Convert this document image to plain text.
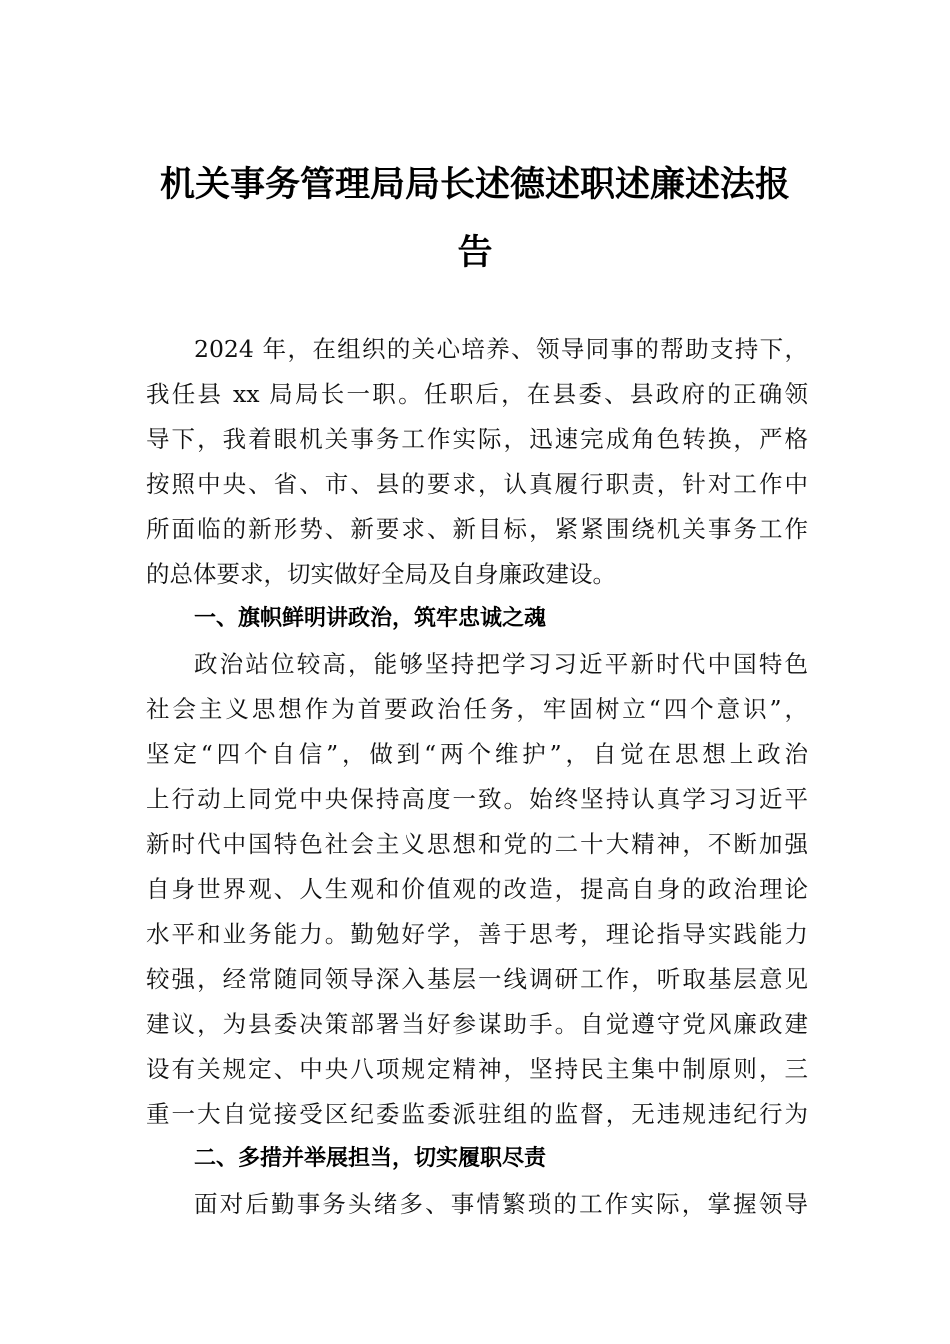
机关事务管理局局长述德述职述廉述法报
告
2024 年，在组织的关心培养、领导同事的帮助支持下，
我任县 xx 局局长一职。任职后，在县委、县政府的正确领
导下，我着眼机关事务工作实际，迅速完成角色转换，严格
按照中央、省、市、县的要求，认真履行职责，针对工作中
所面临的新形势、新要求、新目标，紧紧围绕机关事务工作
的总体要求，切实做好全局及自身廉政建设。
一、旗帜鲜明讲政治，筑牢忠诚之魂
政治站位较高，能够坚持把学习习近平新时代中国特色
社会主义思想作为首要政治任务，牢固树立“四个意识”，
坚定“四个自信”，做到“两个维护”，自觉在思想上政治
上行动上同党中央保持高度一致。始终坚持认真学习习近平
新时代中国特色社会主义思想和党的二十大精神，不断加强
自身世界观、人生观和价值观的改造，提高自身的政治理论
水平和业务能力。勤勉好学，善于思考，理论指导实践能力
较强，经常随同领导深入基层一线调研工作，听取基层意见
建议，为县委决策部署当好参谋助手。自觉遵守党风廉政建
设有关规定、中央八项规定精神，坚持民主集中制原则，三
重一大自觉接受区纪委监委派驻组的监督，无违规违纪行为
二、多措并举展担当，切实履职尽责
面对后勤事务头绪多、事情繁琐的工作实际，掌握领导
